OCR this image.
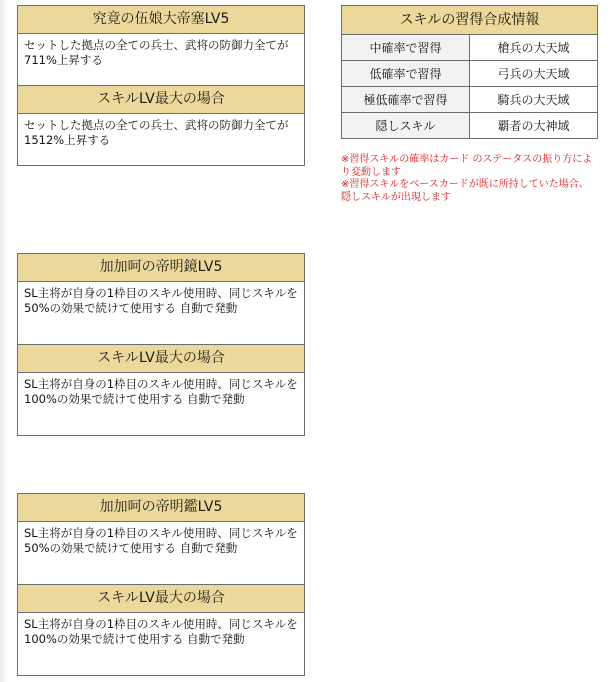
究竟の伍娘大帝塞LV5
セットした拠点の全ての兵士、武将の防御力全てが711%上昇する
スキルLV最大の場合
セットした拠点の全ての兵士、武将の防御力全てが1512%上昇する
スキルの習得合成情報
中確率で習得	槍兵の大天域
低確率で習得	弓兵の大天域
極低確率で習得	騎兵の大天域
隠しスキル	覇者の大神域
※習得スキルの確率はカード のステータスの振り方により変動します
※習得スキルをベースカードが既に所持していた場合、隠しスキルが出現します
加加呵の帝明鏡LV5
SL主将が自身の1枠目のスキル使用時、同じスキルを50%の効果で続けて使用する 自動で発動
スキルLV最大の場合
SL主将が自身の1枠目のスキル使用時、同じスキルを100%の効果で続けて使用する 自動で発動
加加呵の帝明鑑LV5
SL主将が自身の1枠目のスキル使用時、同じスキルを50%の効果で続けて使用する 自動で発動
スキルLV最大の場合
SL主将が自身の1枠目のスキル使用時、同じスキルを100%の効果で続けて使用する 自動で発動
